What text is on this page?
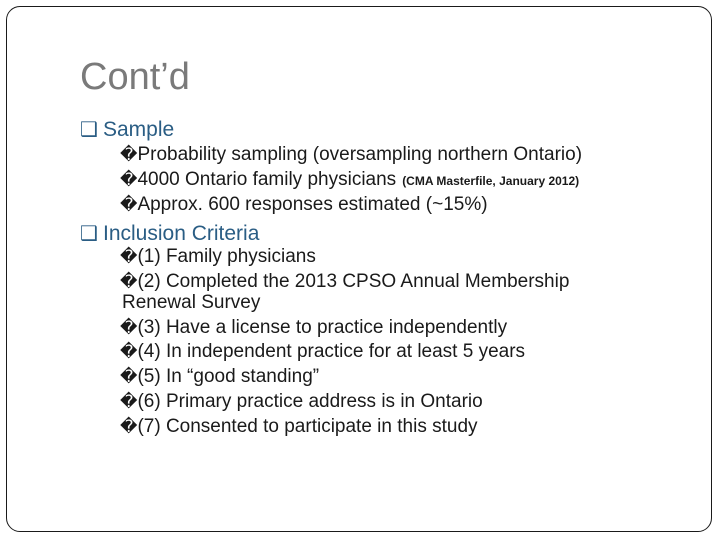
Cont’d
❑ Sample
� Probability sampling (oversampling northern Ontario)
� 4000 Ontario family physicians (CMA Masterfile, January 2012)
� Approx. 600 responses estimated (~15%)
❑ Inclusion Criteria
� (1) Family physicians
� (2) Completed the 2013 CPSO Annual Membership
Renewal Survey
� (3) Have a license to practice independently
� (4) In independent practice for at least 5 years
� (5) In “good standing”
� (6) Primary practice address is in Ontario
� (7) Consented to participate in this study
